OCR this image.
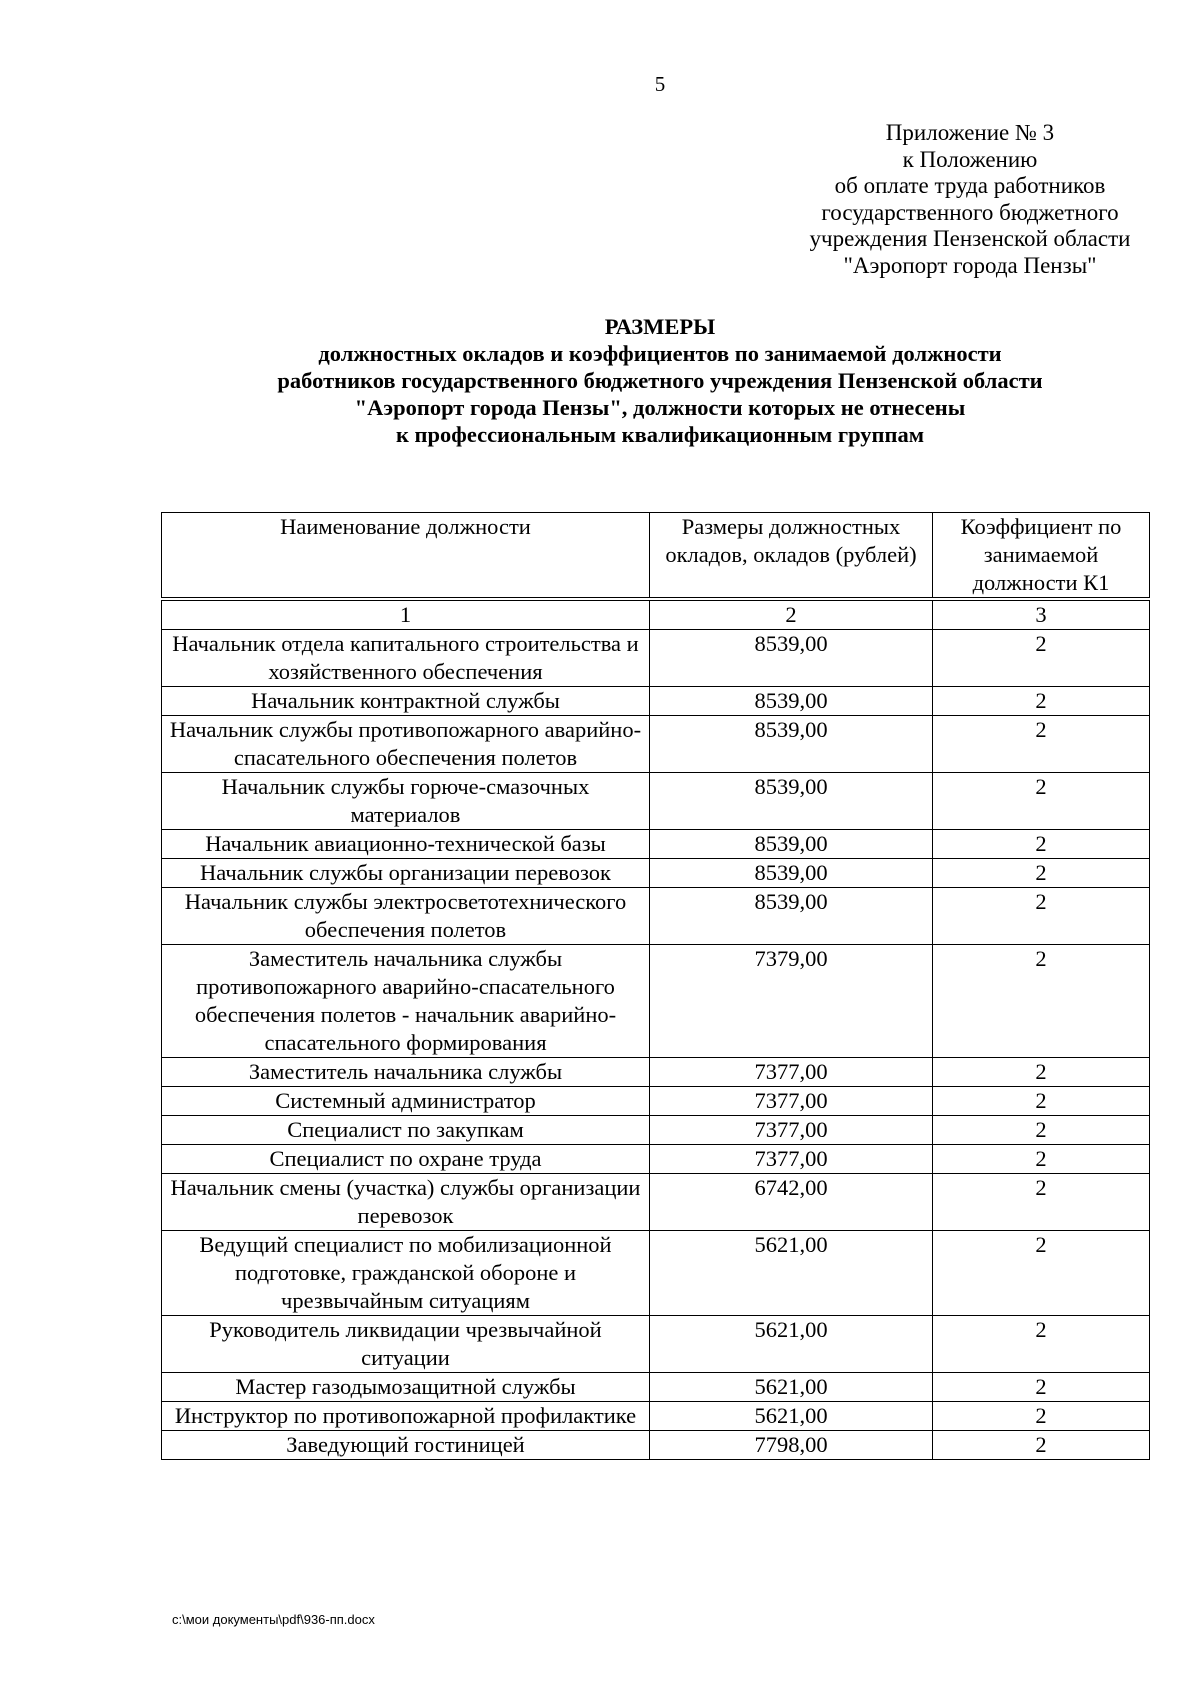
5
Приложение № 3
к Положению
об оплате труда работников
государственного бюджетного
учреждения Пензенской области
"Аэропорт города Пензы"
РАЗМЕРЫ
должностных окладов и коэффициентов по занимаемой должности
работников государственного бюджетного учреждения Пензенской области
"Аэропорт города Пензы", должности которых не отнесены
к профессиональным квалификационным группам
Наименование должности	Размеры должностных окладов, окладов (рублей)	Коэффициент по занимаемой должности К1
1	2	3
Начальник отдела капитального строительства и хозяйственного обеспечения	8539,00	2
Начальник контрактной службы	8539,00	2
Начальник службы противопожарного аварийно-спасательного обеспечения полетов	8539,00	2
Начальник службы горюче-смазочных материалов	8539,00	2
Начальник авиационно-технической базы	8539,00	2
Начальник службы организации перевозок	8539,00	2
Начальник службы электросветотехнического обеспечения полетов	8539,00	2
Заместитель начальника службы противопожарного аварийно-спасательного обеспечения полетов - начальник аварийно-спасательного формирования	7379,00	2
Заместитель начальника службы	7377,00	2
Системный администратор	7377,00	2
Специалист по закупкам	7377,00	2
Специалист по охране труда	7377,00	2
Начальник смены (участка) службы организации перевозок	6742,00	2
Ведущий специалист по мобилизационной подготовке, гражданской обороне и чрезвычайным ситуациям	5621,00	2
Руководитель ликвидации чрезвычайной ситуации	5621,00	2
Мастер газодымозащитной службы	5621,00	2
Инструктор по противопожарной профилактике	5621,00	2
Заведующий гостиницей	7798,00	2
c:\мои документы\pdf\936-пп.docx
